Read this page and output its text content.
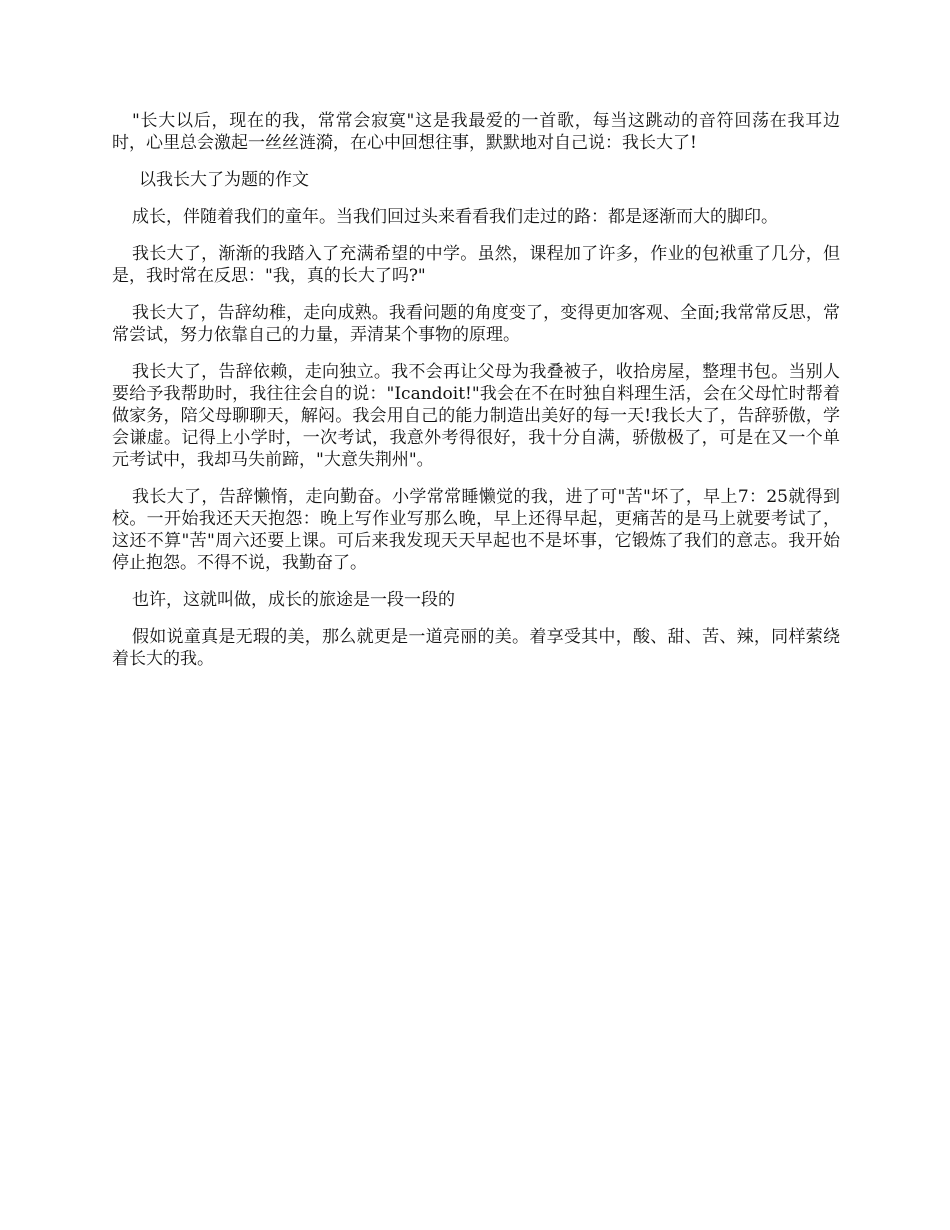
"长大以后，现在的我，常常会寂寞"这是我最爱的一首歌，每当这跳动的音符回荡在我耳边时，心里总会激起一丝丝涟漪，在心中回想往事，默默地对自己说：我长大了!

以我长大了为题的作文

成长，伴随着我们的童年。当我们回过头来看看我们走过的路：都是逐渐而大的脚印。

我长大了，渐渐的我踏入了充满希望的中学。虽然，课程加了许多，作业的包袱重了几分，但是，我时常在反思："我，真的长大了吗?"

我长大了，告辞幼稚，走向成熟。我看问题的角度变了，变得更加客观、全面;我常常反思，常常尝试，努力依靠自己的力量，弄清某个事物的原理。

我长大了，告辞依赖，走向独立。我不会再让父母为我叠被子，收拾房屋，整理书包。当别人要给予我帮助时，我往往会自的说："Icandoit!"我会在不在时独自料理生活，会在父母忙时帮着做家务，陪父母聊聊天，解闷。我会用自己的能力制造出美好的每一天!我长大了，告辞骄傲，学会谦虚。记得上小学时，一次考试，我意外考得很好，我十分自满，骄傲极了，可是在又一个单元考试中，我却马失前蹄，"大意失荆州"。

我长大了，告辞懒惰，走向勤奋。小学常常睡懒觉的我，进了可"苦"坏了，早上7：25就得到校。一开始我还天天抱怨：晚上写作业写那么晚，早上还得早起，更痛苦的是马上就要考试了，这还不算"苦"周六还要上课。可后来我发现天天早起也不是坏事，它锻炼了我们的意志。我开始停止抱怨。不得不说，我勤奋了。

也许，这就叫做，成长的旅途是一段一段的

假如说童真是无瑕的美，那么就更是一道亮丽的美。着享受其中，酸、甜、苦、辣，同样萦绕着长大的我。
